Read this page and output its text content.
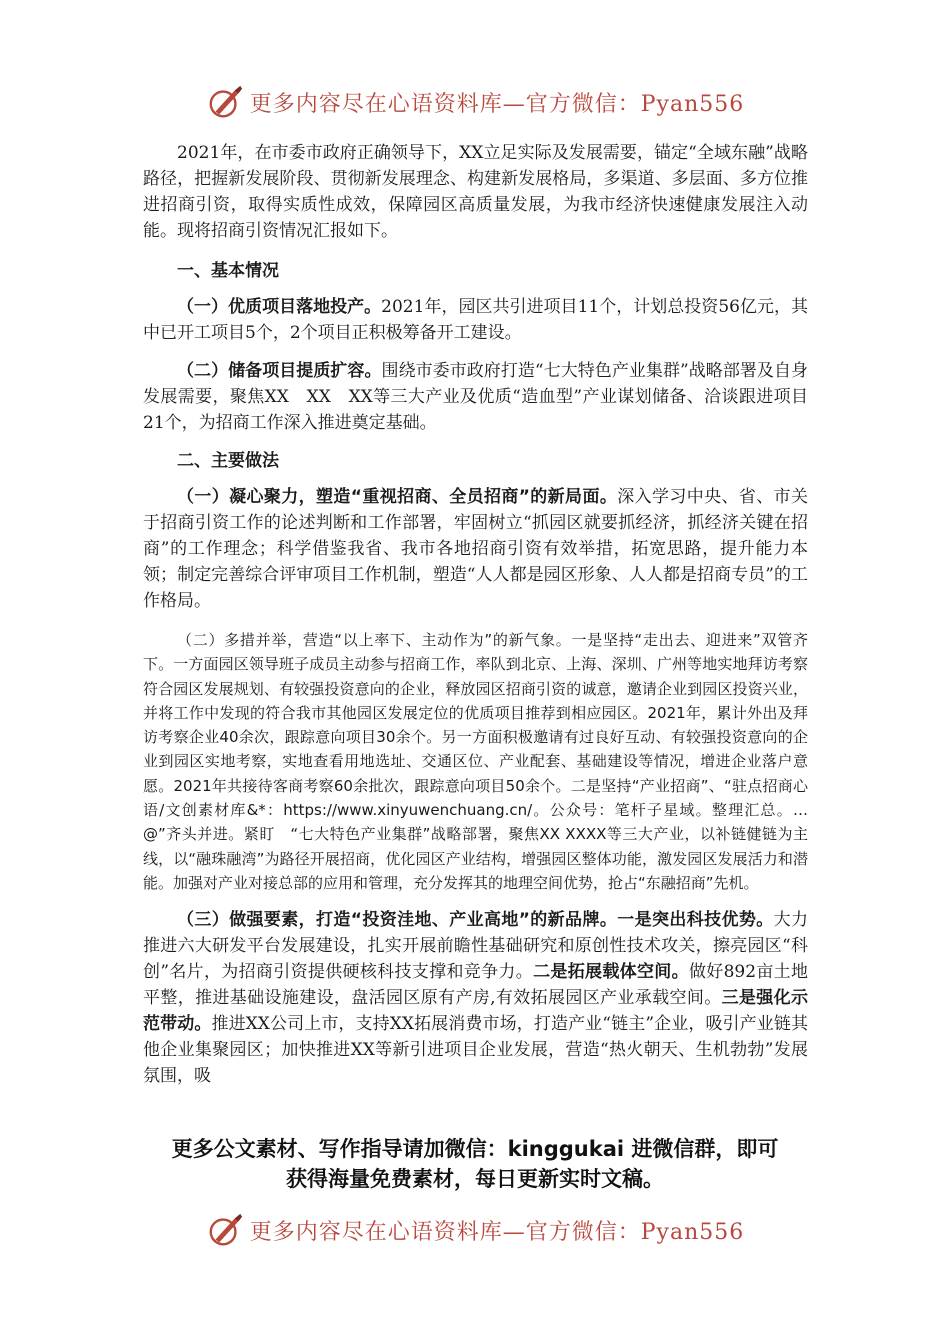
更多内容尽在心语资料库—官方微信：Pyan556

2021年，在市委市政府正确领导下，XX立足实际及发展需要，锚定“全域东融”战略路径，把握新发展阶段、贯彻新发展理念、构建新发展格局，多渠道、多层面、多方位推进招商引资，取得实质性成效，保障园区高质量发展，为我市经济快速健康发展注入动能。现将招商引资情况汇报如下。

一、基本情况

（一）优质项目落地投产。2021年，园区共引进项目11个，计划总投资56亿元，其中已开工项目5个，2个项目正积极筹备开工建设。

（二）储备项目提质扩容。围绕市委市政府打造“七大特色产业集群”战略部署及自身发展需要，聚焦XX　XX　XX等三大产业及优质“造血型”产业谋划储备、洽谈跟进项目21个，为招商工作深入推进奠定基础。

二、主要做法

（一）凝心聚力，塑造“重视招商、全员招商”的新局面。深入学习中央、省、市关于招商引资工作的论述判断和工作部署，牢固树立“抓园区就要抓经济，抓经济关键在招商”的工作理念；科学借鉴我省、我市各地招商引资有效举措，拓宽思路，提升能力本领；制定完善综合评审项目工作机制，塑造“人人都是园区形象、人人都是招商专员”的工作格局。

（二）多措并举，营造“以上率下、主动作为”的新气象。一是坚持“走出去、迎进来”双管齐下。一方面园区领导班子成员主动参与招商工作，率队到北京、上海、深圳、广州等地实地拜访考察符合园区发展规划、有较强投资意向的企业，释放园区招商引资的诚意，邀请企业到园区投资兴业，并将工作中发现的符合我市其他园区发展定位的优质项目推荐到相应园区。2021年，累计外出及拜访考察企业40余次，跟踪意向项目30余个。另一方面积极邀请有过良好互动、有较强投资意向的企业到园区实地考察，实地查看用地选址、交通区位、产业配套、基础建设等情况，增进企业落户意愿。2021年共接待客商考察60余批次，跟踪意向项目50余个。二是坚持“产业招商”、“驻点招商心语/文创素材库&*：https://www.xinyuwenchuang.cn/。公众号：笔杆子星域。整理汇总。…@”齐头并进。紧盯　“七大特色产业集群”战略部署，聚焦XX XXXX等三大产业，以补链健链为主线，以“融珠融湾”为路径开展招商，优化园区产业结构，增强园区整体功能，激发园区发展活力和潜能。加强对产业对接总部的应用和管理，充分发挥其的地理空间优势，抢占“东融招商”先机。

（三）做强要素，打造“投资洼地、产业高地”的新品牌。一是突出科技优势。大力推进六大研发平台发展建设，扎实开展前瞻性基础研究和原创性技术攻关，擦亮园区“科创”名片，为招商引资提供硬核科技支撑和竞争力。二是拓展载体空间。做好892亩土地平整，推进基础设施建设，盘活园区原有产房,有效拓展园区产业承载空间。三是强化示范带动。推进XX公司上市，支持XX拓展消费市场，打造产业“链主”企业，吸引产业链其他企业集聚园区；加快推进XX等新引进项目企业发展，营造“热火朝天、生机勃勃”发展氛围，吸

更多公文素材、写作指导请加微信：kinggukai 进微信群，即可
获得海量免费素材，每日更新实时文稿。
更多内容尽在心语资料库—官方微信：Pyan556
